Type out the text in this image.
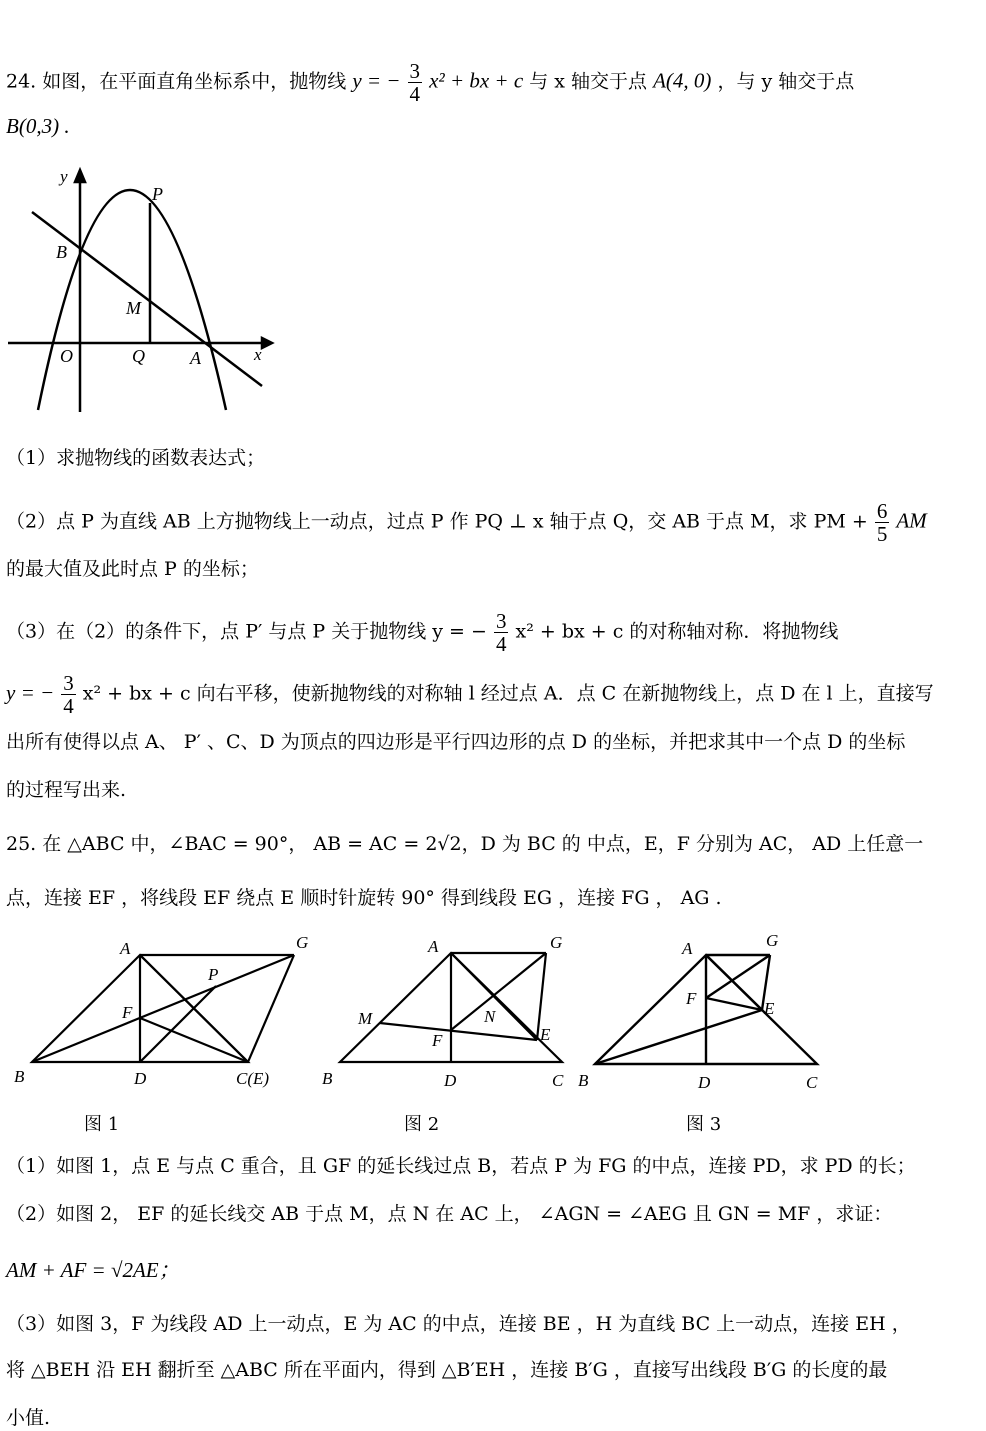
24. 如图，在平面直角坐标系中，抛物线 y = − $\frac{3}{4} x^2$ + bx + c 与 x 轴交于点 A(4, 0) ，与 y 轴交于点
B(0,3) .
y
P
B
M
O	Q	A	x
（1）求抛物线的函数表达式；
（2）点 P 为直线 AB 上方抛物线上一动点，过点 P 作 PQ ⊥ x 轴于点 Q，交 AB 于点 M，求 PM + $\frac{6}{5}$ AM
的最大值及此时点 P 的坐标；
（3）在（2）的条件下，点 P′ 与点 P 关于抛物线 y = − $\frac{3}{4} x^2$ + bx + c 的对称轴对称．将抛物线
y = − $\frac{3}{4} x^2$ + bx + c 向右平移，使新抛物线的对称轴 l 经过点 A．点 C 在新抛物线上，点 D 在 l 上，直接写
出所有使得以点 A、 P′ 、C、D 为顶点的四边形是平行四边形的点 D 的坐标，并把求其中一个点 D 的坐标
的过程写出来.
25. 在 △ABC 中，∠BAC = 90°， AB = AC = 2√2，D 为 BC 的 中点，E，F 分别为 AC， AD 上任意一
点，连接 EF ，将线段 EF 绕点 E 顺时针旋转 90° 得到线段 EG ，连接 FG ， AG .
A	G
P
F
B	D	C(E)
图 1
A	G
M	N
F	E
B	D	C
图 2
A	G
F
E
B	D	C
图 3
（1）如图 1，点 E 与点 C 重合，且 GF 的延长线过点 B，若点 P 为 FG 的中点，连接 PD，求 PD 的长；
（2）如图 2， EF 的延长线交 AB 于点 M，点 N 在 AC 上， ∠AGN = ∠AEG 且 GN = MF ，求证：
AM + AF = √2AE；
（3）如图 3，F 为线段 AD 上一动点，E 为 AC 的中点，连接 BE ，H 为直线 BC 上一动点，连接 EH ，
将 △BEH 沿 EH 翻折至 △ABC 所在平面内，得到 △B′EH ，连接 B′G ，直接写出线段 B′G 的长度的最
小值.
